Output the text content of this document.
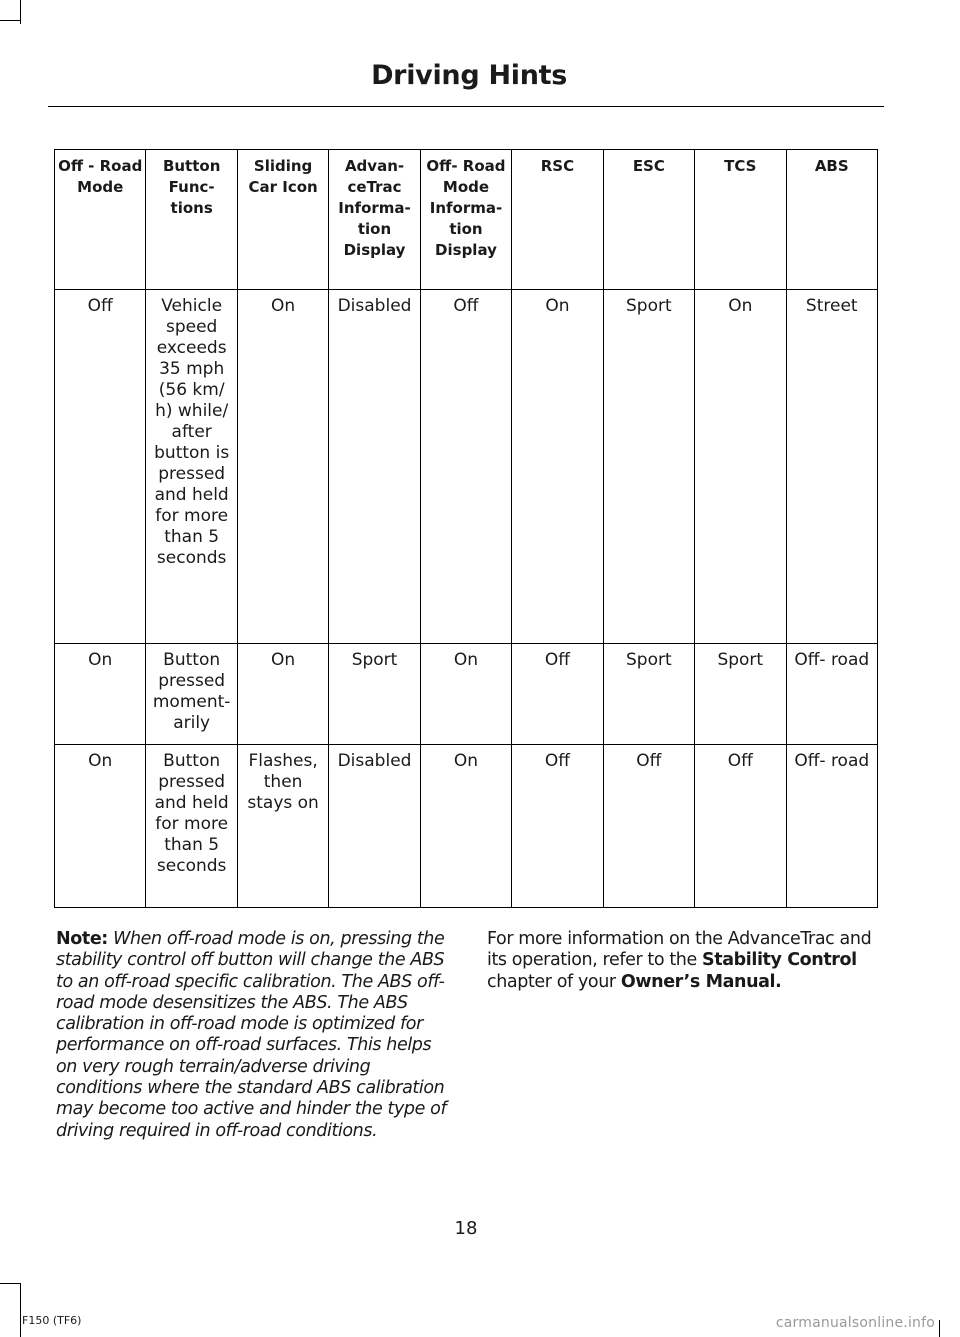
Driving Hints
Off - Road Mode	Button Func- tions	Sliding Car Icon	Advan- ceTrac Informa- tion Display	Off- Road Mode Informa- tion Display	RSC	ESC	TCS	ABS
Off	Vehicle speed exceeds 35 mph (56 km/ h) while/ after button is pressed and held for more than 5 seconds	On	Disabled	Off	On	Sport	On	Street
On	Button pressed moment- arily	On	Sport	On	Off	Sport	Sport	Off- road
On	Button pressed and held for more than 5 seconds	Flashes, then stays on	Disabled	On	Off	Off	Off	Off- road
Note: When off-road mode is on, pressing the stability control off button will change the ABS to an off-road specific calibration. The ABS off-road mode desensitizes the ABS. The ABS calibration in off-road mode is optimized for performance on off-road surfaces. This helps on very rough terrain/adverse driving conditions where the standard ABS calibration may become too active and hinder the type of driving required in off-road conditions.
For more information on the AdvanceTrac and its operation, refer to the Stability Control chapter of your Owner’s Manual.
18
F150 (TF6)	carmanualsonline.info
